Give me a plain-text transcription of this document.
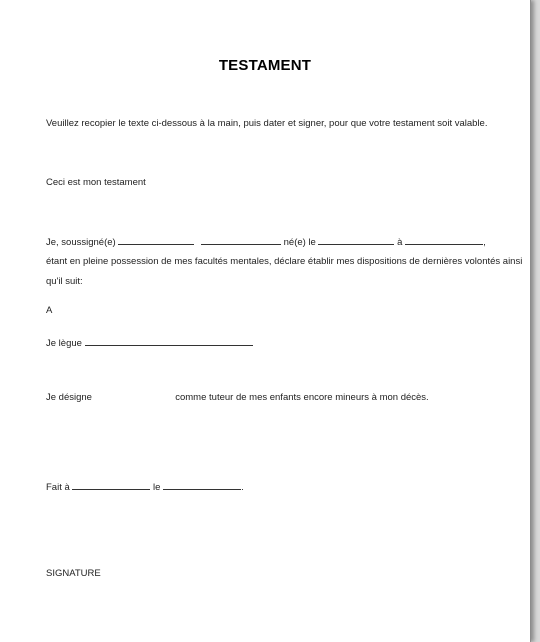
TESTAMENT
Veuillez recopier le texte ci-dessous à la main, puis dater et signer, pour que votre testament soit valable.
Ceci est mon testament
Je, soussigné(e)	né(e) le	à	,
étant en pleine possession de mes facultés mentales, déclare établir mes dispositions de dernières volontés ainsi
qu'il suit:
A
Je lègue
Je désigne	comme tuteur de mes enfants encore mineurs à mon décès.
Fait à	le	.
SIGNATURE
